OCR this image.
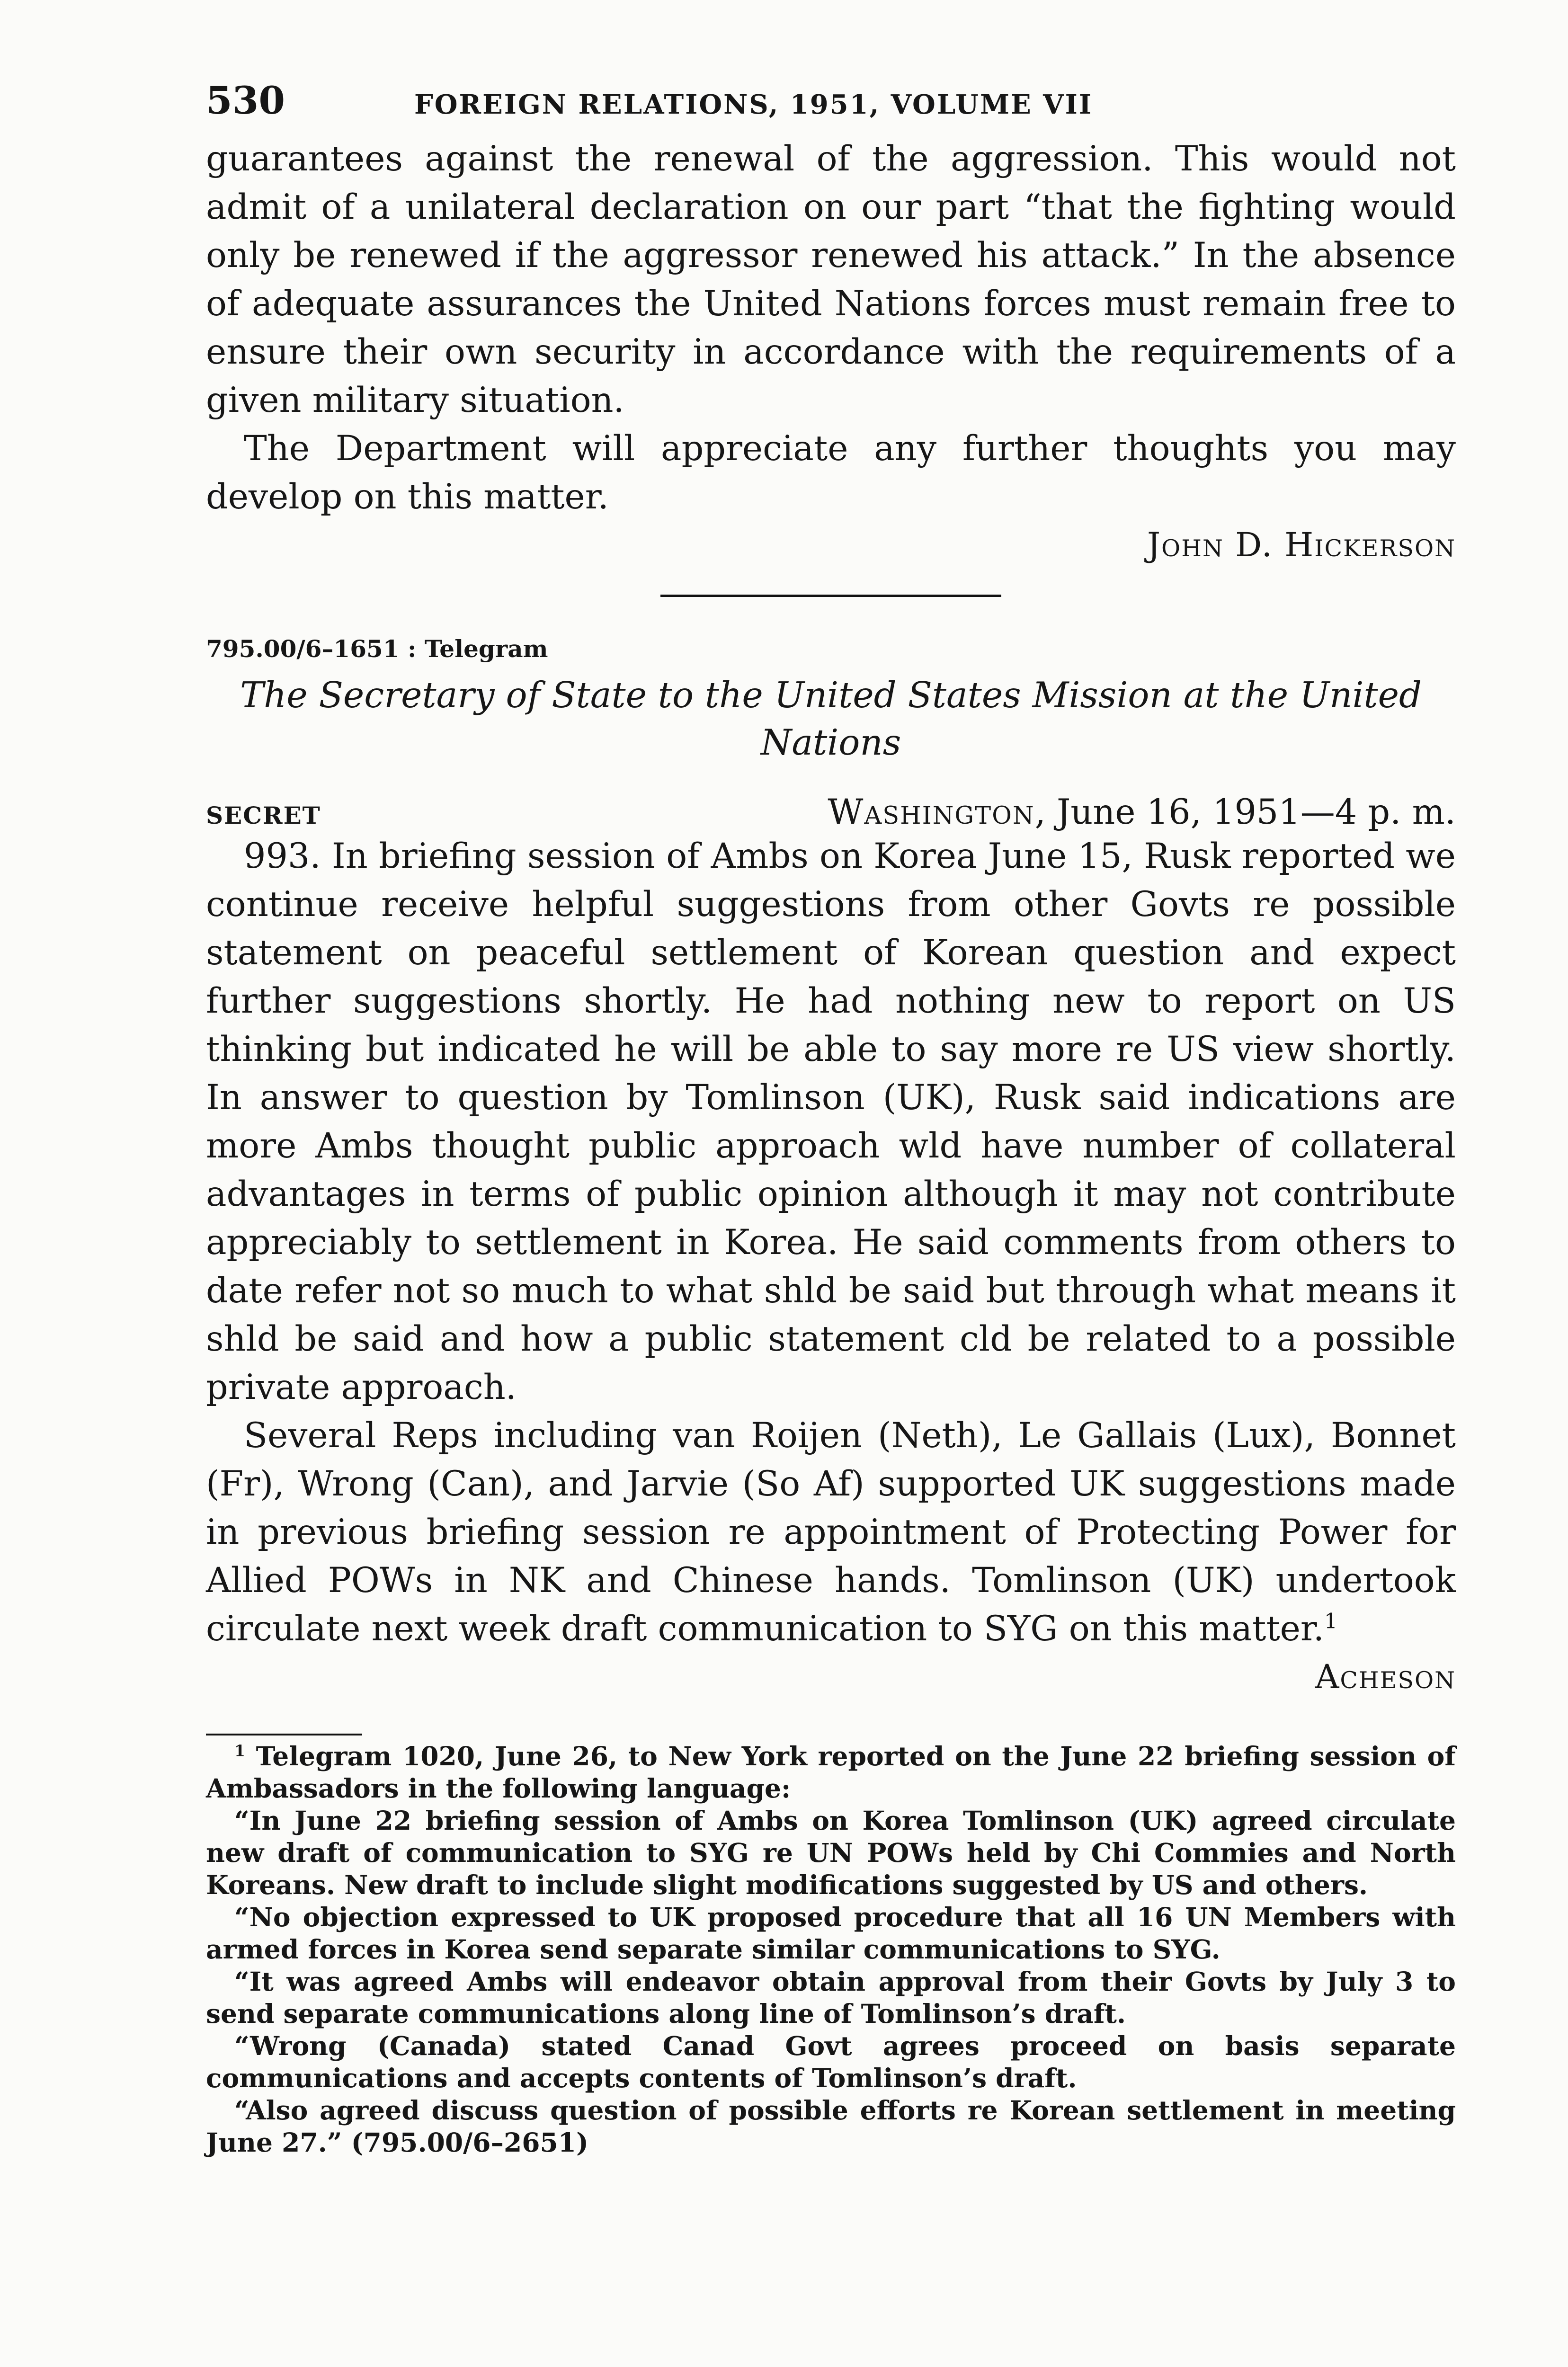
530	FOREIGN RELATIONS, 1951, VOLUME VII

guarantees against the renewal of the aggression. This would not admit of a unilateral declaration on our part “that the fighting would only be renewed if the aggressor renewed his attack.” In the absence of adequate assurances the United Nations forces must remain free to ensure their own security in accordance with the requirements of a given military situation.

The Department will appreciate any further thoughts you may develop on this matter.

John D. Hickerson
795.00/6–1651 : Telegram
The Secretary of State to the United States Mission at the United Nations
SECRET	Washington, June 16, 1951—4 p. m.

993. In briefing session of Ambs on Korea June 15, Rusk reported we continue receive helpful suggestions from other Govts re possible statement on peaceful settlement of Korean question and expect further suggestions shortly. He had nothing new to report on US thinking but indicated he will be able to say more re US view shortly. In answer to question by Tomlinson (UK), Rusk said indications are more Ambs thought public approach wld have number of collateral advantages in terms of public opinion although it may not contribute appreciably to settlement in Korea. He said comments from others to date refer not so much to what shld be said but through what means it shld be said and how a public statement cld be related to a possible private approach.

Several Reps including van Roijen (Neth), Le Gallais (Lux), Bonnet (Fr), Wrong (Can), and Jarvie (So Af) supported UK suggestions made in previous briefing session re appointment of Protecting Power for Allied POWs in NK and Chinese hands. Tomlinson (UK) undertook circulate next week draft communication to SYG on this matter.$^1$

Acheson

$^1$ Telegram 1020, June 26, to New York reported on the June 22 briefing session of Ambassadors in the following language:

“In June 22 briefing session of Ambs on Korea Tomlinson (UK) agreed circulate new draft of communication to SYG re UN POWs held by Chi Commies and North Koreans. New draft to include slight modifications suggested by US and others.

“No objection expressed to UK proposed procedure that all 16 UN Members with armed forces in Korea send separate similar communications to SYG.

“It was agreed Ambs will endeavor obtain approval from their Govts by July 3 to send separate communications along line of Tomlinson’s draft.

“Wrong (Canada) stated Canad Govt agrees proceed on basis separate communications and accepts contents of Tomlinson’s draft.

“Also agreed discuss question of possible efforts re Korean settlement in meeting June 27.” (795.00/6–2651)
